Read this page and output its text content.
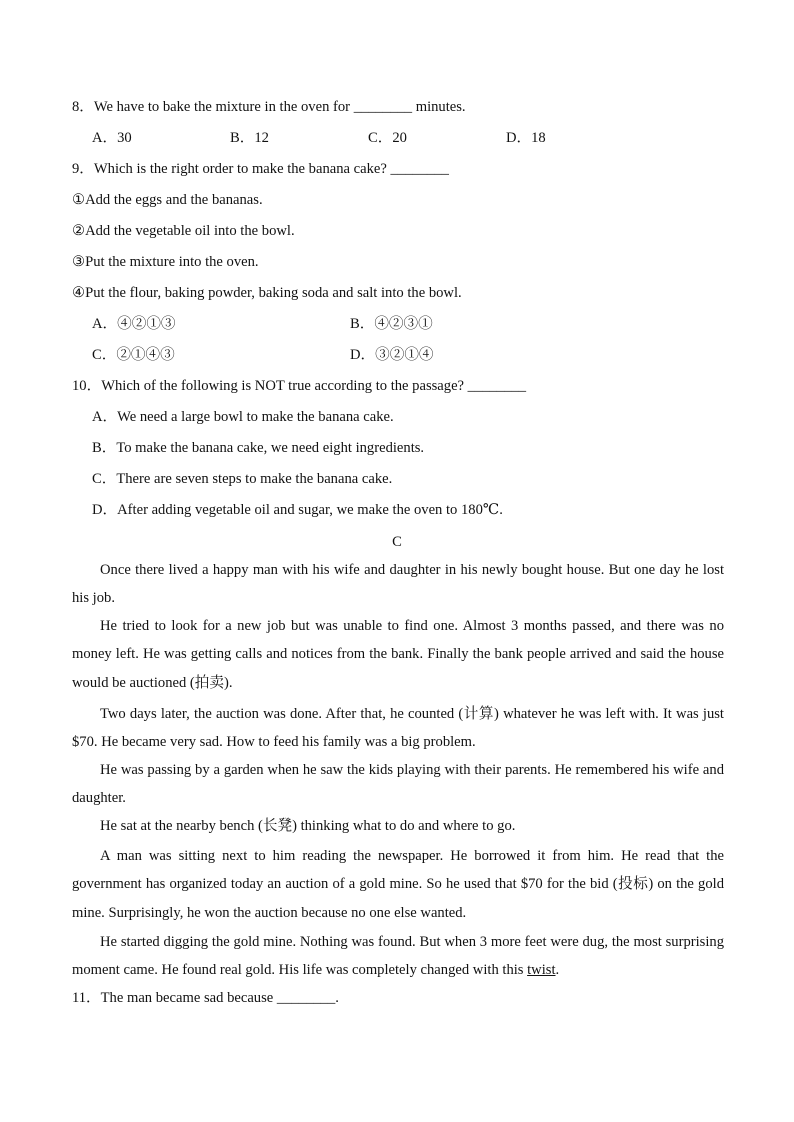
8．We have to bake the mixture in the oven for ________ minutes.
A．30	B．12	C．20	D．18
9．Which is the right order to make the banana cake? ________
①Add the eggs and the bananas.
②Add the vegetable oil into the bowl.
③Put the mixture into the oven.
④Put the flour, baking powder, baking soda and salt into the bowl.
A．④②①③	B．④②③①
C．②①④③	D．③②①④
10．Which of the following is NOT true according to the passage? ________
A．We need a large bowl to make the banana cake.
B．To make the banana cake, we need eight ingredients.
C．There are seven steps to make the banana cake.
D．After adding vegetable oil and sugar, we make the oven to 180℃.
C
Once there lived a happy man with his wife and daughter in his newly bought house. But one day he lost his job.
He tried to look for a new job but was unable to find one. Almost 3 months passed, and there was no money left. He was getting calls and notices from the bank. Finally the bank people arrived and said the house would be auctioned (拍卖).
Two days later, the auction was done. After that, he counted (计算) whatever he was left with. It was just $70. He became very sad. How to feed his family was a big problem.
He was passing by a garden when he saw the kids playing with their parents. He remembered his wife and daughter.
He sat at the nearby bench (长凳) thinking what to do and where to go.
A man was sitting next to him reading the newspaper. He borrowed it from him. He read that the government has organized today an auction of a gold mine. So he used that $70 for the bid (投标) on the gold mine. Surprisingly, he won the auction because no one else wanted.
He started digging the gold mine. Nothing was found. But when 3 more feet were dug, the most surprising moment came. He found real gold. His life was completely changed with this twist.
11．The man became sad because ________.
